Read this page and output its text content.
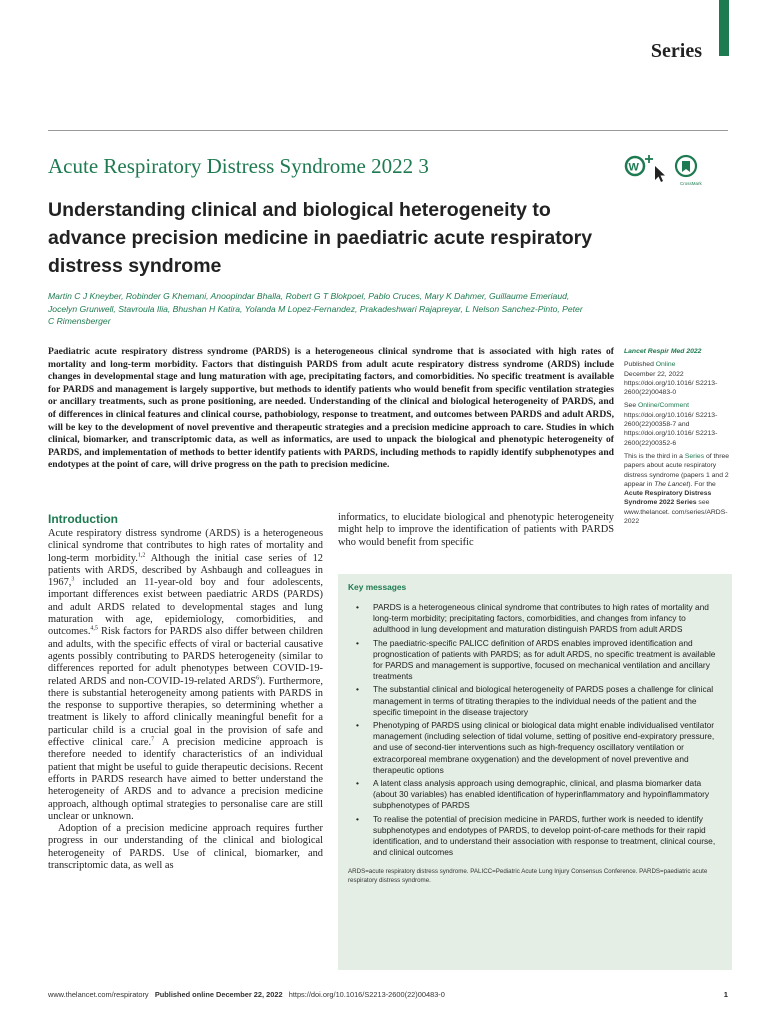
Series
Acute Respiratory Distress Syndrome 2022 3	W
CrossMark
Understanding clinical and biological heterogeneity to advance precision medicine in paediatric acute respiratory distress syndrome

Martin C J Kneyber, Robinder G Khemani, Anoopindar Bhalla, Robert G T Blokpoel, Pablo Cruces, Mary K Dahmer, Guillaume Emeriaud, Jocelyn Grunwell, Stavroula Ilia, Bhushan H Katira, Yolanda M Lopez-Fernandez, Prakadeshwari Rajapreyar, L Nelson Sanchez-Pinto, Peter C Rimensberger

Paediatric acute respiratory distress syndrome (PARDS) is a heterogeneous clinical syndrome that is associated with high rates of mortality and long-term morbidity. Factors that distinguish PARDS from adult acute respiratory distress syndrome (ARDS) include changes in developmental stage and lung maturation with age, precipitating factors, and comorbidities. No specific treatment is available for PARDS and management is largely supportive, but methods to identify patients who would benefit from specific ventilation strategies or ancillary treatments, such as prone positioning, are needed. Understanding of the clinical and biological heterogeneity of PARDS, and of differences in clinical features and clinical course, pathobiology, response to treatment, and outcomes between PARDS and adult ARDS, will be key to the development of novel preventive and therapeutic strategies and a precision medicine approach to care. Studies in which clinical, biomarker, and transcriptomic data, as well as informatics, are used to unpack the biological and phenotypic heterogeneity of PARDS, and implementation of methods to better identify patients with PARDS, including methods to rapidly identify subphenotypes and endotypes at the point of care, will drive progress on the path to precision medicine.

Lancet Respir Med 2022

Published Online
December 22, 2022
https://doi.org/10.1016/ S2213-2600(22)00483-0

See Online/Comment
https://doi.org/10.1016/ S2213-2600(22)00358-7 and
https://doi.org/10.1016/ S2213-2600(22)00352-6

This is the third in a Series of three papers about acute respiratory distress syndrome (papers 1 and 2 appear in The Lancet). For the Acute Respiratory Distress Syndrome 2022 Series see www.thelancet. com/series/ARDS-2022

Introduction

Acute respiratory distress syndrome (ARDS) is a heterogeneous clinical syndrome that contributes to high rates of mortality and long-term morbidity.$^{1,2}$ Although the initial case series of 12 patients with ARDS, described by Ashbaugh and colleagues in 1967,$^3$ included an 11-year-old boy and four adolescents, important differences exist between paediatric ARDS (PARDS) and adult ARDS related to developmental stages and lung maturation with age, epidemiology, comorbidities, and outcomes.$^{4,5}$ Risk factors for PARDS also differ between children and adults, with the specific effects of viral or bacterial causative agents possibly contributing to PARDS heterogeneity (similar to differences reported for adult phenotypes between COVID-19-related ARDS and non-COVID-19-related ARDS$^6$). Furthermore, there is substantial heterogeneity among patients with PARDS in the response to supportive therapies, so determining whether a treatment is likely to afford clinically meaningful benefit for a particular child is a crucial goal in the provision of safe and effective clinical care.$^7$ A precision medicine approach is therefore needed to identify characteristics of an individual patient that might be useful to guide therapeutic decisions. Recent efforts in PARDS research have aimed to better understand the heterogeneity of ARDS and to advance a precision medicine approach, although optimal strategies to personalise care are still unclear or unknown.

Adoption of a precision medicine approach requires further progress in our understanding of the clinical and biological heterogeneity of PARDS. Use of clinical, biomarker, and transcriptomic data, as well as

informatics, to elucidate biological and phenotypic heterogeneity might help to improve the identification of patients with PARDS who would benefit from specific

Key messages

• PARDS is a heterogeneous clinical syndrome that contributes to high rates of mortality and long-term morbidity; precipitating factors, comorbidities, and changes from infancy to adulthood in lung development and maturation distinguish PARDS from adult ARDS
• The paediatric-specific PALICC definition of ARDS enables improved identification and prognostication of patients with PARDS; as for adult ARDS, no specific treatment is available for PARDS and management is supportive, focused on mechanical ventilation and ancillary treatments
• The substantial clinical and biological heterogeneity of PARDS poses a challenge for clinical management in terms of titrating therapies to the individual needs of the patient and the specific timepoint in the disease trajectory
• Phenotyping of PARDS using clinical or biological data might enable individualised ventilator management (including selection of tidal volume, setting of positive end-expiratory pressure, and use of second-tier interventions such as high-frequency oscillatory ventilation or extracorporeal membrane oxygenation) and the development of novel preventive and therapeutic options
• A latent class analysis approach using demographic, clinical, and plasma biomarker data (about 30 variables) has enabled identification of hyperinflammatory and hypoinflammatory subphenotypes of PARDS
• To realise the potential of precision medicine in PARDS, further work is needed to identify subphenotypes and endotypes of PARDS, to develop point-of-care methods for their rapid identification, and to understand their association with response to treatment, clinical course, and clinical outcomes

ARDS=acute respiratory distress syndrome. PALICC=Pediatric Acute Lung Injury Consensus Conference. PARDS=paediatric acute respiratory distress syndrome.

www.thelancet.com/respiratory Published online December 22, 2022 https://doi.org/10.1016/S2213-2600(22)00483-0	1
